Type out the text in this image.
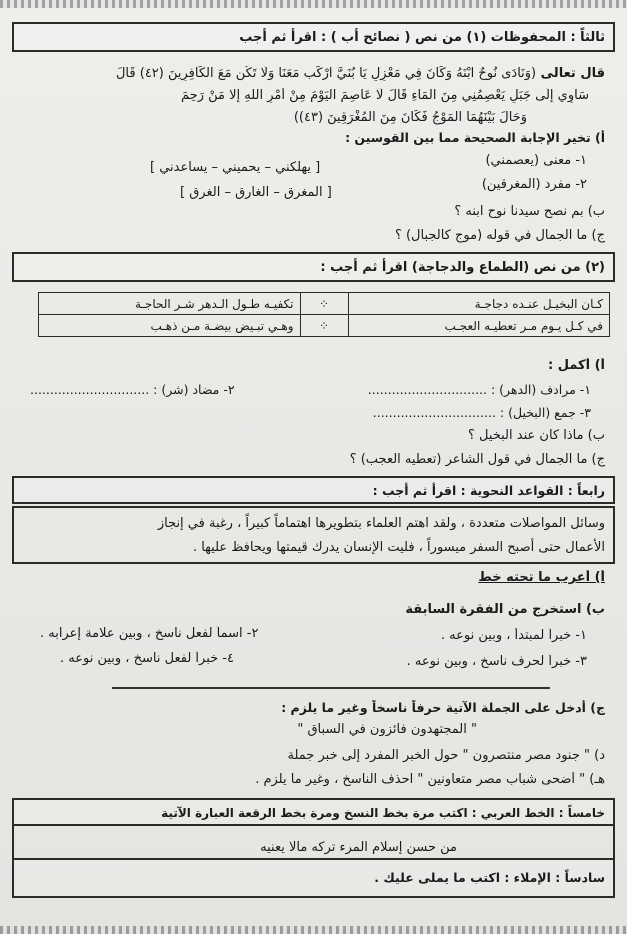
ثالثاً : المحفوظات (١) من نص ( نصائح أب ) : اقرأ ثم أجب
قال تعالى (وَنَادَى نُوحٌ ابْنَهُ وَكَانَ فِي مَعْزِلٍ يَا بُنَيَّ ارْكَب مَعَنَا وَلَا تَكُن مَعَ الْكَافِرِينَ (٤٢) قَالَ
سَآوِي إِلَى جَبَلٍ يَعْصِمُنِي مِنَ الْمَاءِ قَالَ لَا عَاصِمَ الْيَوْمَ مِنْ أَمْرِ اللهِ إِلَّا مَنْ رَحِمَ
وَحَالَ بَيْنَهُمَا الْمَوْجُ فَكَانَ مِنَ الْمُغْرَقِينَ (٤٣))
أ) تخير الإجابة الصحيحة مما بين القوسين :
١- معنى (يعصمني)
[ يهلكني – يحميني – يساعدني ]
٢- مفرد (المغرقين)
[ المغرق – الغارق – الغرق ]
ب) بم نصح سيدنا نوح ابنه ؟
ج) ما الجمال في قوله (موج كالجبال) ؟
(٢) من نص (الطماع والدجاجة) اقرأ ثم أجب :
كـان البخيـل عنـده دجاجـة	⁘	تكفيـه طـول الـدهر شـر الحاجـة
في كـل يـوم مـر تعطيـه العجـب	⁘	وهـي تبـيض بيضـة مـن ذهـب
أ) أكمل :
١- مرادف (الدهر) : ..............................
٢- مضاد (شر) : ..............................
٣- جمع (البخيل) : ...............................
ب) ماذا كان عند البخيل ؟
ج) ما الجمال في قول الشاعر (تعطيه العجب) ؟
رابعاً : القواعد النحوية : اقرأ ثم أجب :
وسائل المواصلات متعددة ، ولقد اهتم العلماء بتطويرها اهتماماً كبيراً ، رغبة في إنجاز
الأعمال حتى أصبح السفر ميسوراً ، فليت الإنسان يدرك قيمتها ويحافظ عليها .
أ) أعرب ما تحته خط
ب) استخرج من الفقرة السابقة
١- خبراً لمبتدأ ، وبين نوعه .
٢- اسماً لفعل ناسخ ، وبين علامة إعرابه .
٣- خبراً لحرف ناسخ ، وبين نوعه .
٤- خبراً لفعل ناسخ ، وبين نوعه .
ج) أدخل على الجملة الآتية حرفاً ناسخاً وغير ما يلزم :
" المجتهدون فائزون في السباق "
د) " جنود مصر منتصرون " حول الخبر المفرد إلى خبر جملة
هـ) " أضحى شباب مصر متعاونين " احذف الناسخ ، وغير ما يلزم .
خامساً : الخط العربي : اكتب مرة بخط النسخ ومرة بخط الرقعة العبارة الآتية
من حسن إسلام المرء تركه مالا يعنيه
سادساً : الإملاء : اكتب ما يملى عليك .
